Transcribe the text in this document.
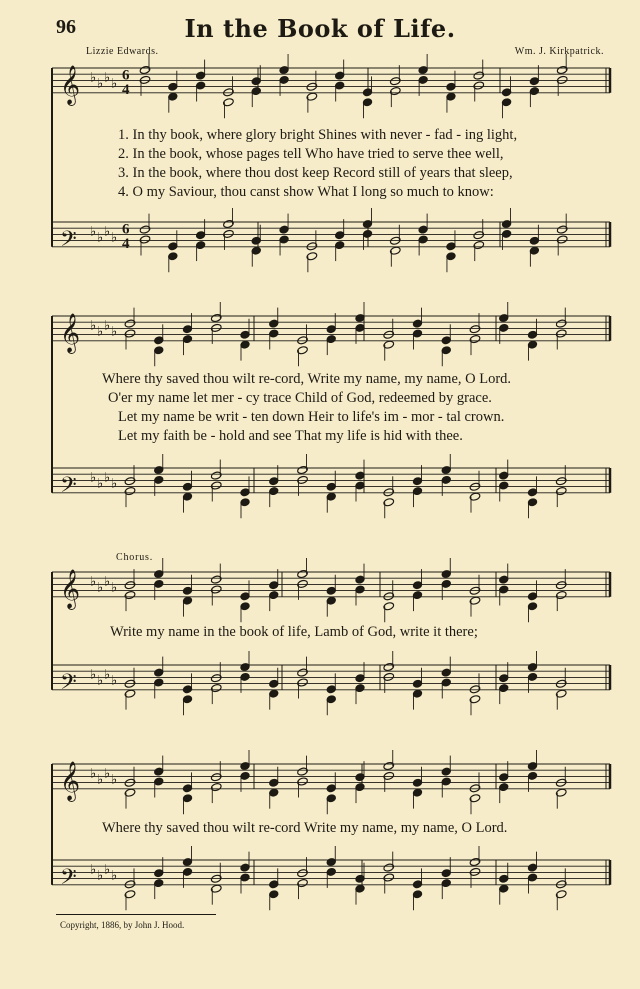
96	In the Book of Life.
Lizzie Edwards.	Wm. J. Kirkpatrick.
𝄞 ♭ ♭ ♭ ♭
6
4
𝄢 ♭ ♭ ♭ ♭
6
4
𝄞 ♭ ♭ ♭ ♭
𝄢 ♭ ♭ ♭ ♭
𝄞 ♭ ♭ ♭ ♭
𝄢 ♭ ♭ ♭ ♭
𝄞 ♭ ♭ ♭ ♭
𝄢 ♭ ♭ ♭ ♭
1. In thy book, where glory bright Shines with never - fad - ing light,
2. In the book, whose pages tell Who have tried to serve thee well,
3. In the book, where thou dost keep Record still of years that sleep,
4. O my Saviour, thou canst show What I long so much to know:
Where thy saved thou wilt re-cord, Write my name, my name, O Lord.
O'er my name let mer - cy trace Child of God, redeemed by grace.
Let my name be writ - ten down Heir to life's im - mor - tal crown.
Let my faith be - hold and see That my life is hid with thee.
Chorus.
Write my name in the book of life, Lamb of God, write it there;
Where thy saved thou wilt re-cord Write my name, my name, O Lord.
Copyright, 1886, by John J. Hood.
